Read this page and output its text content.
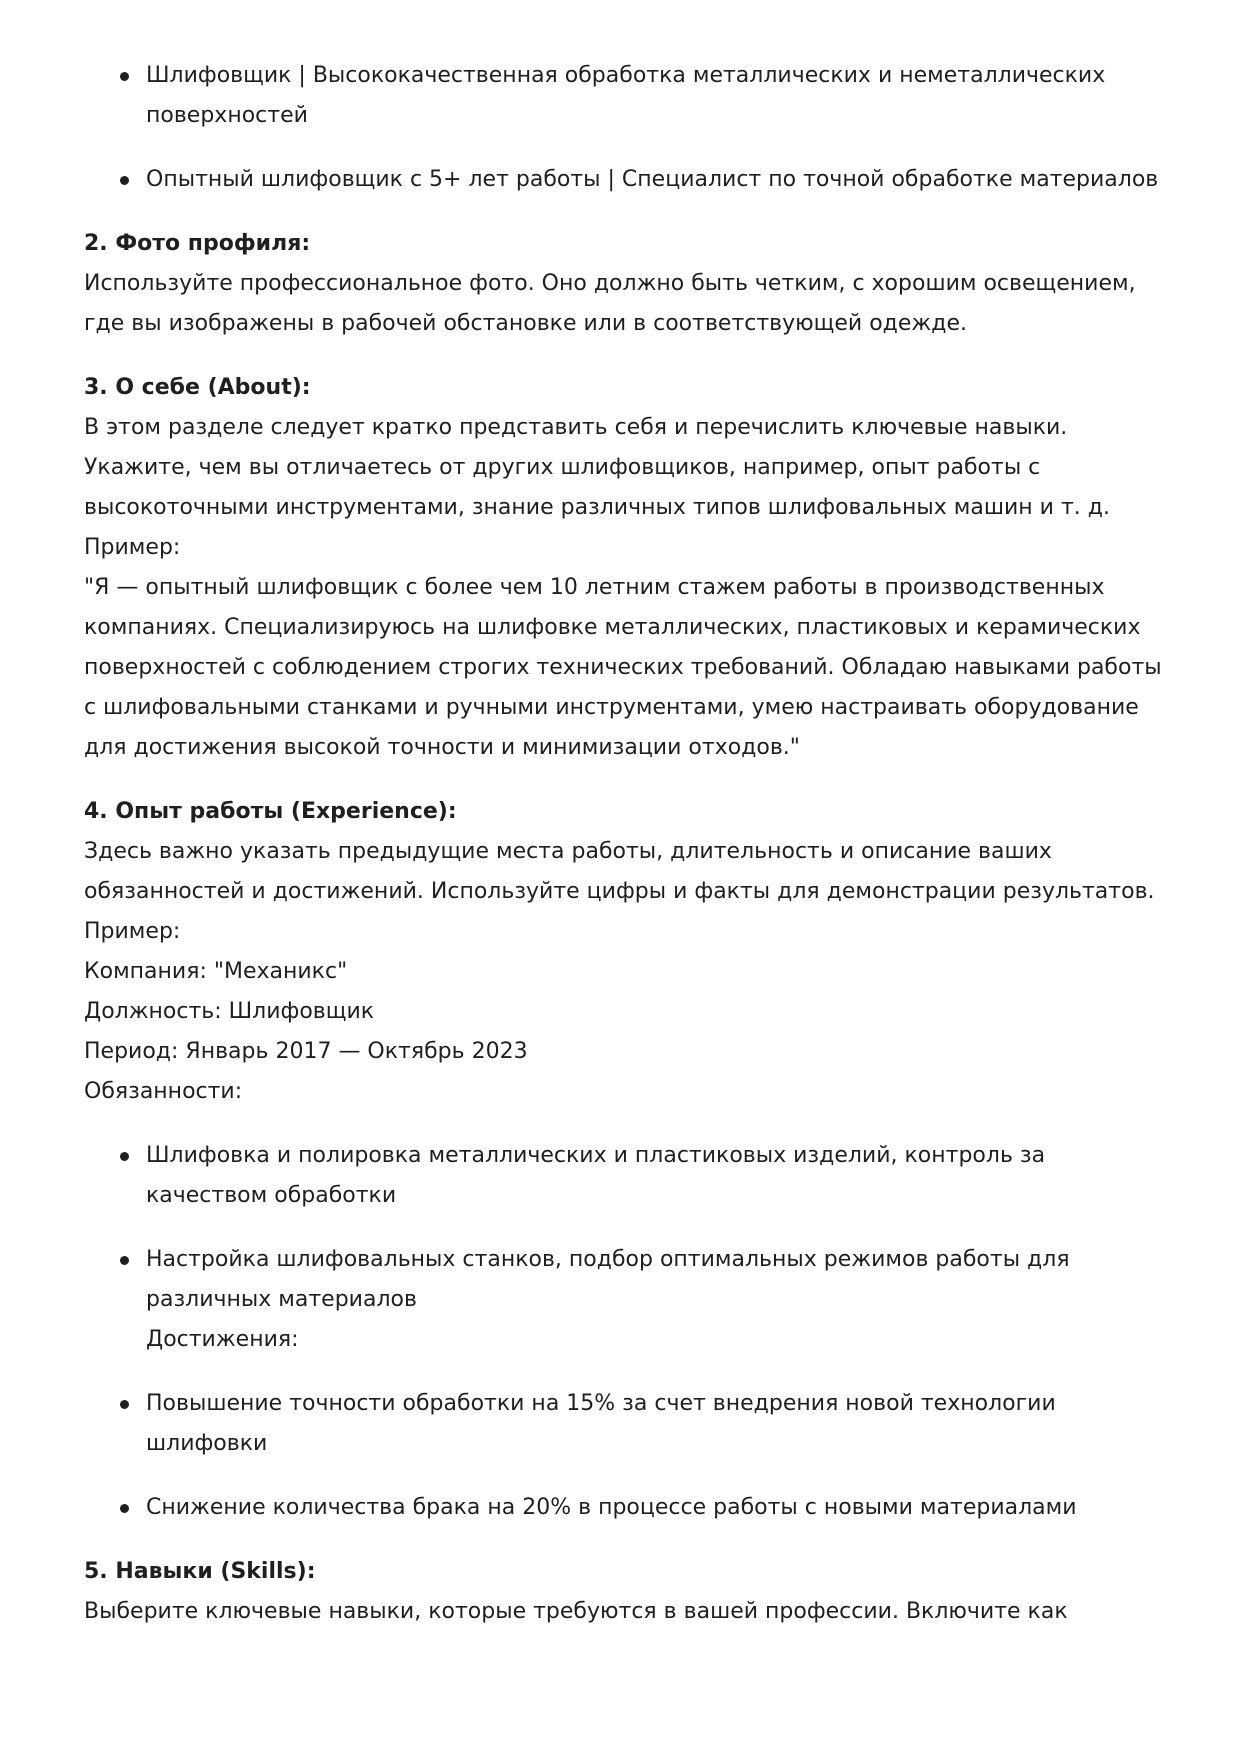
Шлифовщик | Высококачественная обработка металлических и неметаллических поверхностей
Опытный шлифовщик с 5+ лет работы | Специалист по точной обработке материалов

2. Фото профиля:

Используйте профессиональное фото. Оно должно быть четким, с хорошим освещением, где вы изображены в рабочей обстановке или в соответствующей одежде.

3. О себе (About):

В этом разделе следует кратко представить себя и перечислить ключевые навыки. Укажите, чем вы отличаетесь от других шлифовщиков, например, опыт работы с высокоточными инструментами, знание различных типов шлифовальных машин и т. д.

Пример:

"Я — опытный шлифовщик с более чем 10 летним стажем работы в производственных компаниях. Специализируюсь на шлифовке металлических, пластиковых и керамических поверхностей с соблюдением строгих технических требований. Обладаю навыками работы с шлифовальными станками и ручными инструментами, умею настраивать оборудование для достижения высокой точности и минимизации отходов."

4. Опыт работы (Experience):

Здесь важно указать предыдущие места работы, длительность и описание ваших обязанностей и достижений. Используйте цифры и факты для демонстрации результатов.

Пример:

Компания: "Механикс"

Должность: Шлифовщик

Период: Январь 2017 — Октябрь 2023

Обязанности:

Шлифовка и полировка металлических и пластиковых изделий, контроль за качеством обработки
Настройка шлифовальных станков, подбор оптимальных режимов работы для различных материалов
Достижения:
Повышение точности обработки на 15% за счет внедрения новой технологии шлифовки
Снижение количества брака на 20% в процессе работы с новыми материалами

5. Навыки (Skills):

Выберите ключевые навыки, которые требуются в вашей профессии. Включите как
